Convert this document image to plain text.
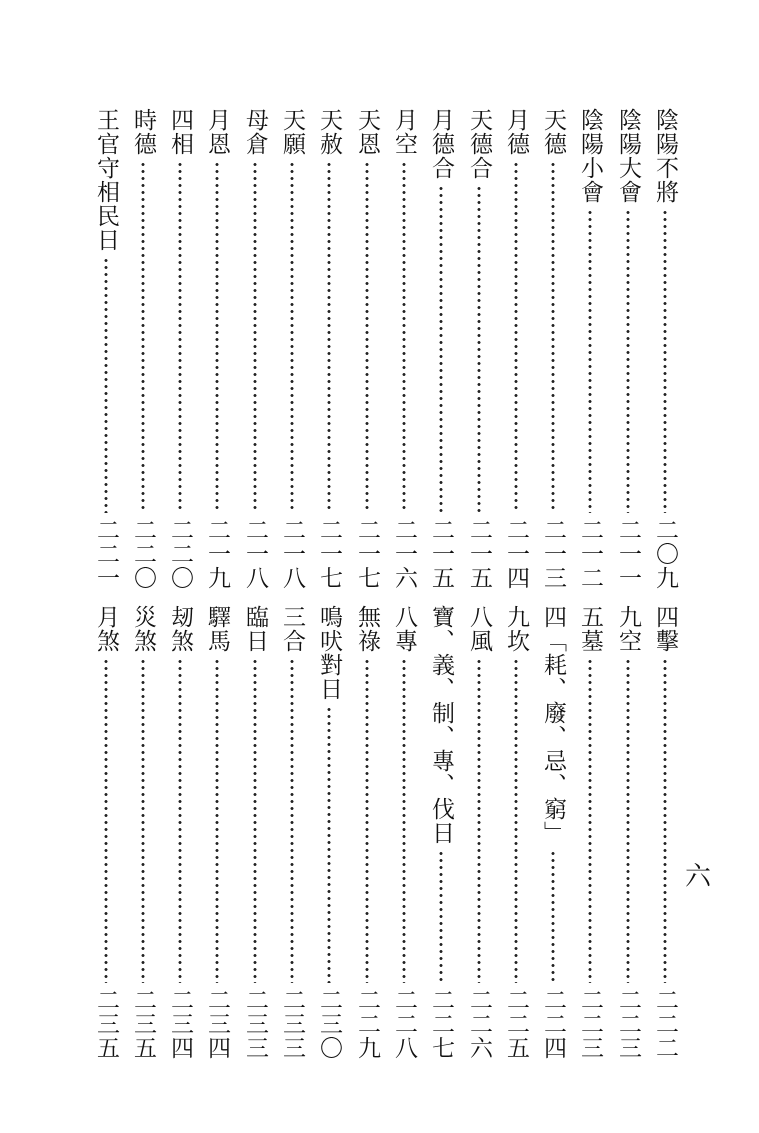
陰陽不將
二〇九
陰陽大會
二一一
陰陽小會
二一二
天德
二一三
月德
二一四
天德合
二一五
月德合
二一五
月空
二一六
天恩
二一七
天赦
二一七
天願
二一八
母倉
二一八
月恩
二一九
四相
二二〇
時德
二二〇
王官守相民日
二二一
四擊
二二二
九空
二二三
五墓
二二三
四「耗、廢、忌、窮」
二二四
九坎
二二五
八風
二二六
寶、義、制、專、伐日
二二七
八專
二二八
無祿
二二九
鳴吠對日
二三〇
三合
二三三
臨日
二三三
驛馬
二三四
刼煞
二三四
災煞
二三五
月煞
二三五
六
